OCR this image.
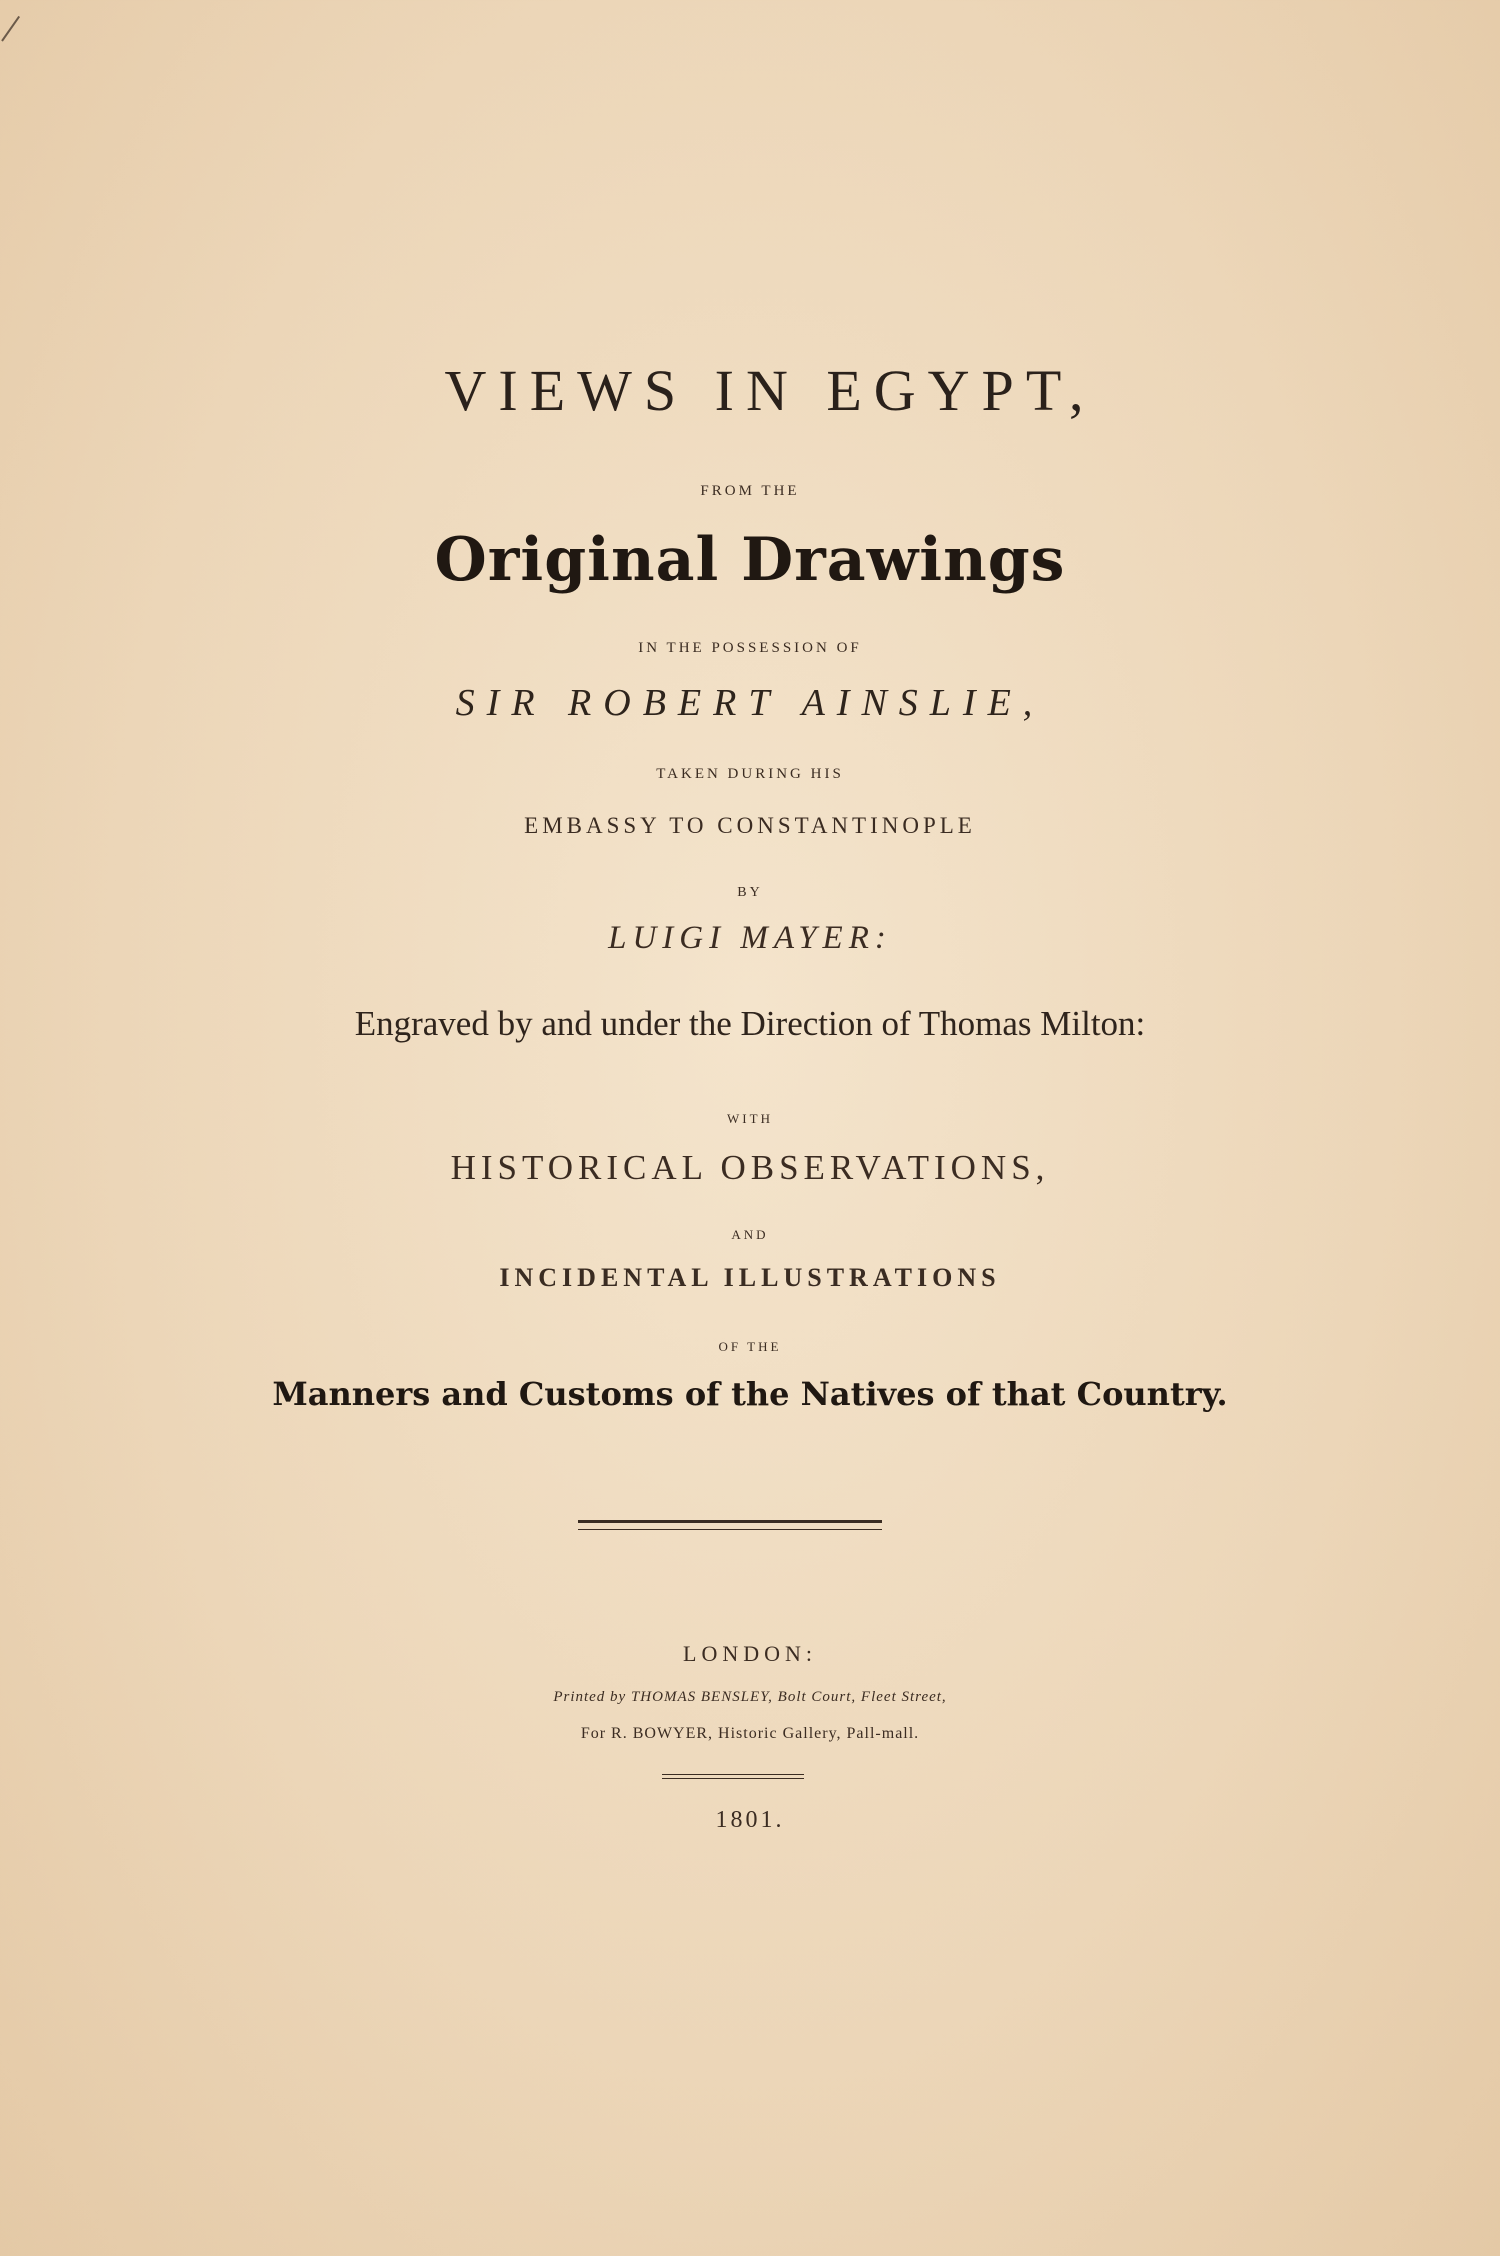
VIEWS IN EGYPT,
FROM THE
Original Drawings
IN THE POSSESSION OF
SIR ROBERT AINSLIE,
TAKEN DURING HIS
EMBASSY TO CONSTANTINOPLE
BY
LUIGI MAYER:
Engraved by and under the Direction of Thomas Milton:
WITH
HISTORICAL OBSERVATIONS,
AND
INCIDENTAL ILLUSTRATIONS
OF THE
Manners and Customs of the Natives of that Country.
LONDON:
Printed by THOMAS BENSLEY, Bolt Court, Fleet Street,
For R. BOWYER, Historic Gallery, Pall-mall.
1801.
